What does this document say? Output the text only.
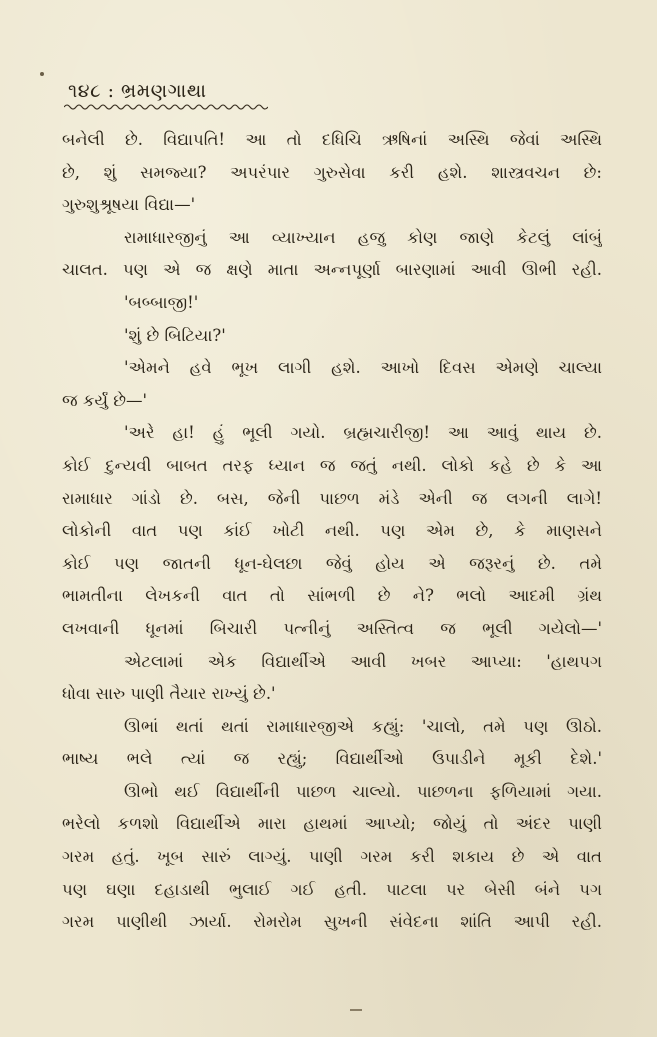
૧૪૮ : ભ્રમણગાથા
બનેલી છે. વિદ્યાપતિ! આ તો દધિચિ ઋષિનાં અસ્થિ જેવાં અસ્થિ
છે, શું સમજ્યા? અપરંપાર ગુરુસેવા કરી હશે. શાસ્ત્રવચન છે:
ગુરુશુશ્રૂષયા વિદ્યા—'
રામાધારજીનું આ વ્યાખ્યાન હજુ કોણ જાણે કેટલું લાંબું
ચાલત. પણ એ જ ક્ષણે માતા અન્નપૂર્ણા બારણામાં આવી ઊભી રહી.
'બબ્બાજી!'
'શું છે બિટિયા?'
'એમને હવે ભૂખ લાગી હશે. આખો દિવસ એમણે ચાલ્યા
જ કર્યું છે—'
'અરે હા! હું ભૂલી ગયો. બ્રહ્મચારીજી! આ આવું થાય છે.
કોઈ દુન્યવી બાબત તરફ ધ્યાન જ જતું નથી. લોકો કહે છે કે આ
રામાધાર ગાંડો છે. બસ, જેની પાછળ મંડે એની જ લગની લાગે!
લોકોની વાત પણ કાંઈ ખોટી નથી. પણ એમ છે, કે માણસને
કોઈ પણ જાતની ધૂન-ઘેલછા જેવું હોય એ જરૂરનું છે. તમે
ભામતીના લેખકની વાત તો સાંભળી છે ને? ભલો આદમી ગ્રંથ
લખવાની ધૂનમાં બિચારી પત્નીનું અસ્તિત્વ જ ભૂલી ગયેલો—'
એટલામાં એક વિદ્યાર્થીએ આવી ખબર આપ્યા: 'હાથપગ
ધોવા સારુ પાણી તૈયાર રાખ્યું છે.'
ઊભાં થતાં થતાં રામાધારજીએ કહ્યું: 'ચાલો, તમે પણ ઊઠો.
ભાષ્ય ભલે ત્યાં જ રહ્યું; વિદ્યાર્થીઓ ઉપાડીને મૂકી દેશે.'
ઊભો થઈ વિદ્યાર્થીની પાછળ ચાલ્યો. પાછળના ફળિયામાં ગયા.
ભરેલો કળશો વિદ્યાર્થીએ મારા હાથમાં આપ્યો; જોયું તો અંદર પાણી
ગરમ હતું. ખૂબ સારું લાગ્યું. પાણી ગરમ કરી શકાય છે એ વાત
પણ ઘણા દહાડાથી ભુલાઈ ગઈ હતી. પાટલા પર બેસી બંને પગ
ગરમ પાણીથી ઝાર્યા. રોમરોમ સુખની સંવેદના શાંતિ આપી રહી.
